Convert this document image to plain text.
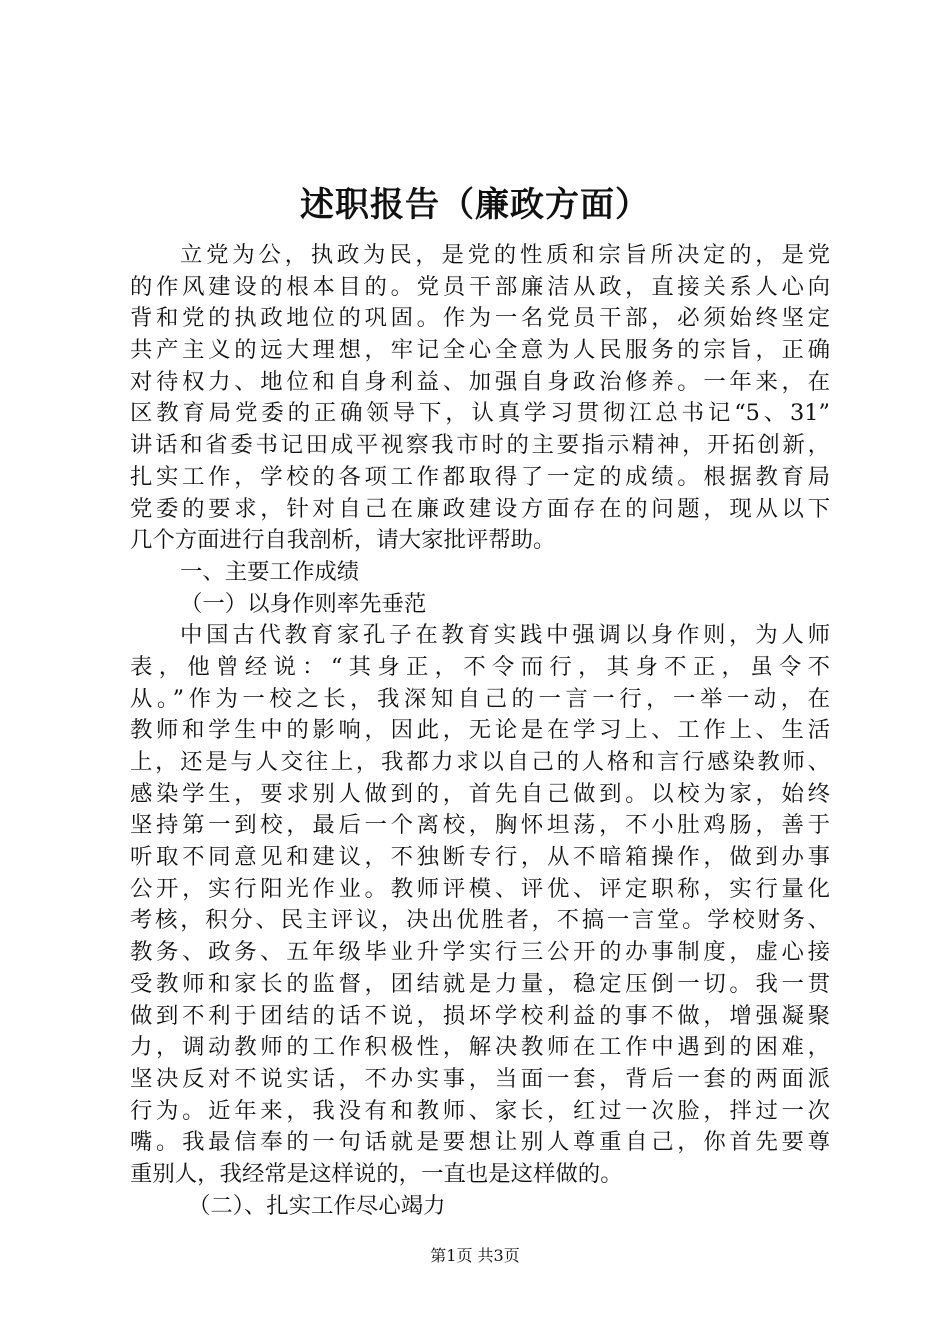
述职报告（廉政方面）
立党为公，执政为民，是党的性质和宗旨所决定的，是党
的作风建设的根本目的。党员干部廉洁从政，直接关系人心向
背和党的执政地位的巩固。作为一名党员干部，必须始终坚定
共产主义的远大理想，牢记全心全意为人民服务的宗旨，正确
对待权力、地位和自身利益、加强自身政治修养。一年来，在
区教育局党委的正确领导下，认真学习贯彻江总书记“5、31”
讲话和省委书记田成平视察我市时的主要指示精神，开拓创新，
扎实工作，学校的各项工作都取得了一定的成绩。根据教育局
党委的要求，针对自己在廉政建设方面存在的问题，现从以下
几个方面进行自我剖析，请大家批评帮助。
一、主要工作成绩
（一）以身作则率先垂范
中国古代教育家孔子在教育实践中强调以身作则，为人师
表，他曾经说：“其身正，不令而行，其身不正，虽令不
从。”作为一校之长，我深知自己的一言一行，一举一动，在
教师和学生中的影响，因此，无论是在学习上、工作上、生活
上，还是与人交往上，我都力求以自己的人格和言行感染教师、
感染学生，要求别人做到的，首先自己做到。以校为家，始终
坚持第一到校，最后一个离校，胸怀坦荡，不小肚鸡肠，善于
听取不同意见和建议，不独断专行，从不暗箱操作，做到办事
公开，实行阳光作业。教师评模、评优、评定职称，实行量化
考核，积分、民主评议，决出优胜者，不搞一言堂。学校财务、
教务、政务、五年级毕业升学实行三公开的办事制度，虚心接
受教师和家长的监督，团结就是力量，稳定压倒一切。我一贯
做到不利于团结的话不说，损坏学校利益的事不做，增强凝聚
力，调动教师的工作积极性，解决教师在工作中遇到的困难，
坚决反对不说实话，不办实事，当面一套，背后一套的两面派
行为。近年来，我没有和教师、家长，红过一次脸，拌过一次
嘴。我最信奉的一句话就是要想让别人尊重自己，你首先要尊
重别人，我经常是这样说的，一直也是这样做的。
（二）、扎实工作尽心竭力
第1页 共3页
